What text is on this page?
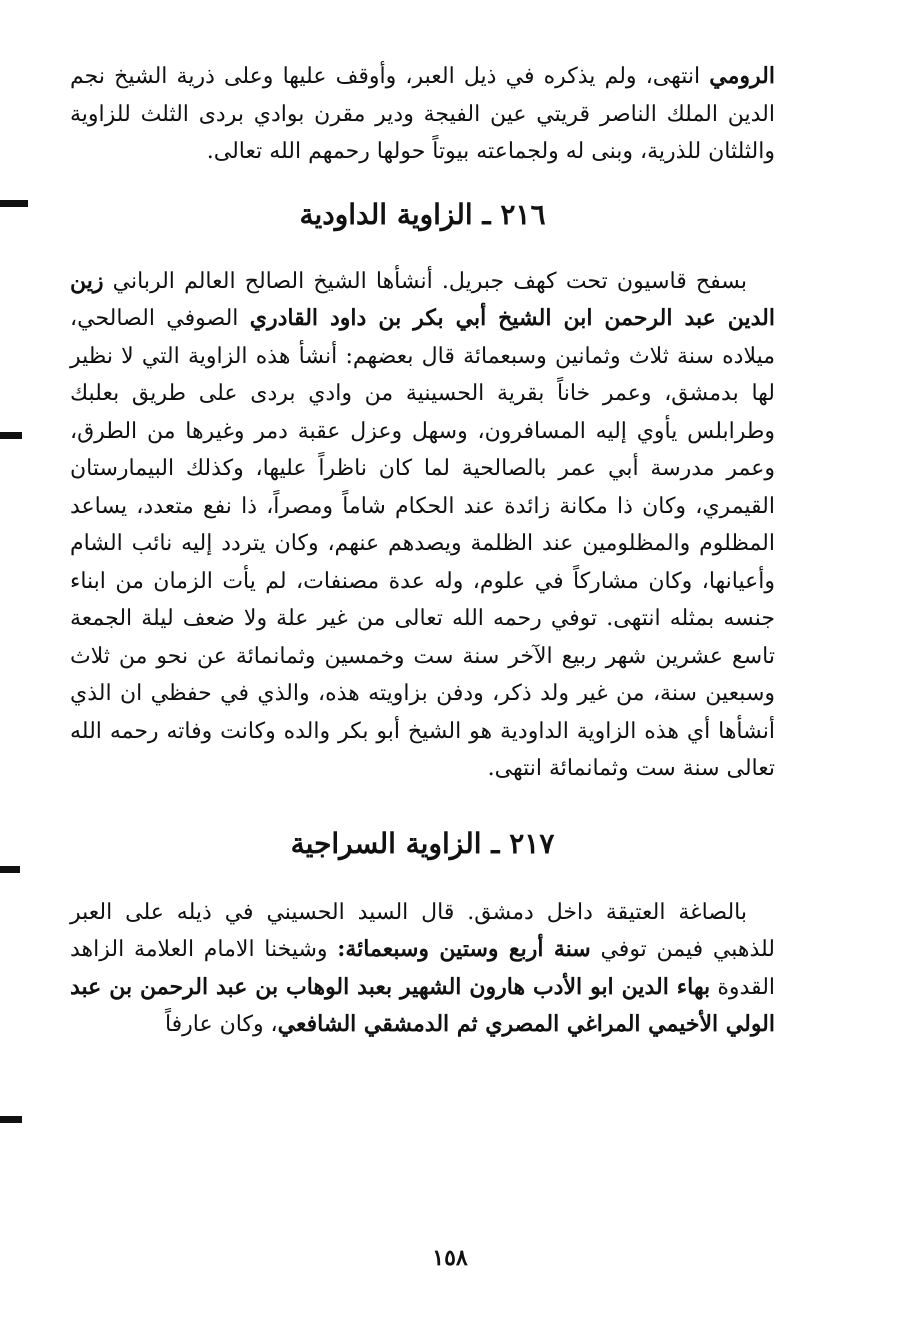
الرومي انتهى، ولم يذكره في ذيل العبر، وأوقف عليها وعلى ذرية الشيخ نجم الدين الملك الناصر قريتي عين الفيجة ودير مقرن بوادي بردى الثلث للزاوية والثلثان للذرية، وبنى له ولجماعته بيوتاً حولها رحمهم الله تعالى.

٢١٦ ـ الزاوية الداودية

بسفح قاسيون تحت كهف جبريل. أنشأها الشيخ الصالح العالم الرباني زين الدين عبد الرحمن ابن الشيخ أبي بكر بن داود القادري الصوفي الصالحي، ميلاده سنة ثلاث وثمانين وسبعمائة قال بعضهم: أنشأ هذه الزاوية التي لا نظير لها بدمشق، وعمر خاناً بقرية الحسينية من وادي بردى على طريق بعلبك وطرابلس يأوي إليه المسافرون، وسهل وعزل عقبة دمر وغيرها من الطرق، وعمر مدرسة أبي عمر بالصالحية لما كان ناظراً عليها، وكذلك البيمارستان القيمري، وكان ذا مكانة زائدة عند الحكام شاماً ومصراً، ذا نفع متعدد، يساعد المظلوم والمظلومين عند الظلمة ويصدهم عنهم، وكان يتردد إليه نائب الشام وأعيانها، وكان مشاركاً في علوم، وله عدة مصنفات، لم يأت الزمان من ابناء جنسه بمثله انتهى. توفي رحمه الله تعالى من غير علة ولا ضعف ليلة الجمعة تاسع عشرين شهر ربيع الآخر سنة ست وخمسين وثمانمائة عن نحو من ثلاث وسبعين سنة، من غير ولد ذكر، ودفن بزاويته هذه، والذي في حفظي ان الذي أنشأها أي هذه الزاوية الداودية هو الشيخ أبو بكر والده وكانت وفاته رحمه الله تعالى سنة ست وثمانمائة انتهى.

٢١٧ ـ الزاوية السراجية

بالصاغة العتيقة داخل دمشق. قال السيد الحسيني في ذيله على العبر للذهبي فيمن توفي سنة أربع وستين وسبعمائة: وشيخنا الامام العلامة الزاهد القدوة بهاء الدين ابو الأدب هارون الشهير بعبد الوهاب بن عبد الرحمن بن عبد الولي الأخيمي المراغي المصري ثم الدمشقي الشافعي، وكان عارفاً

١٥٨
